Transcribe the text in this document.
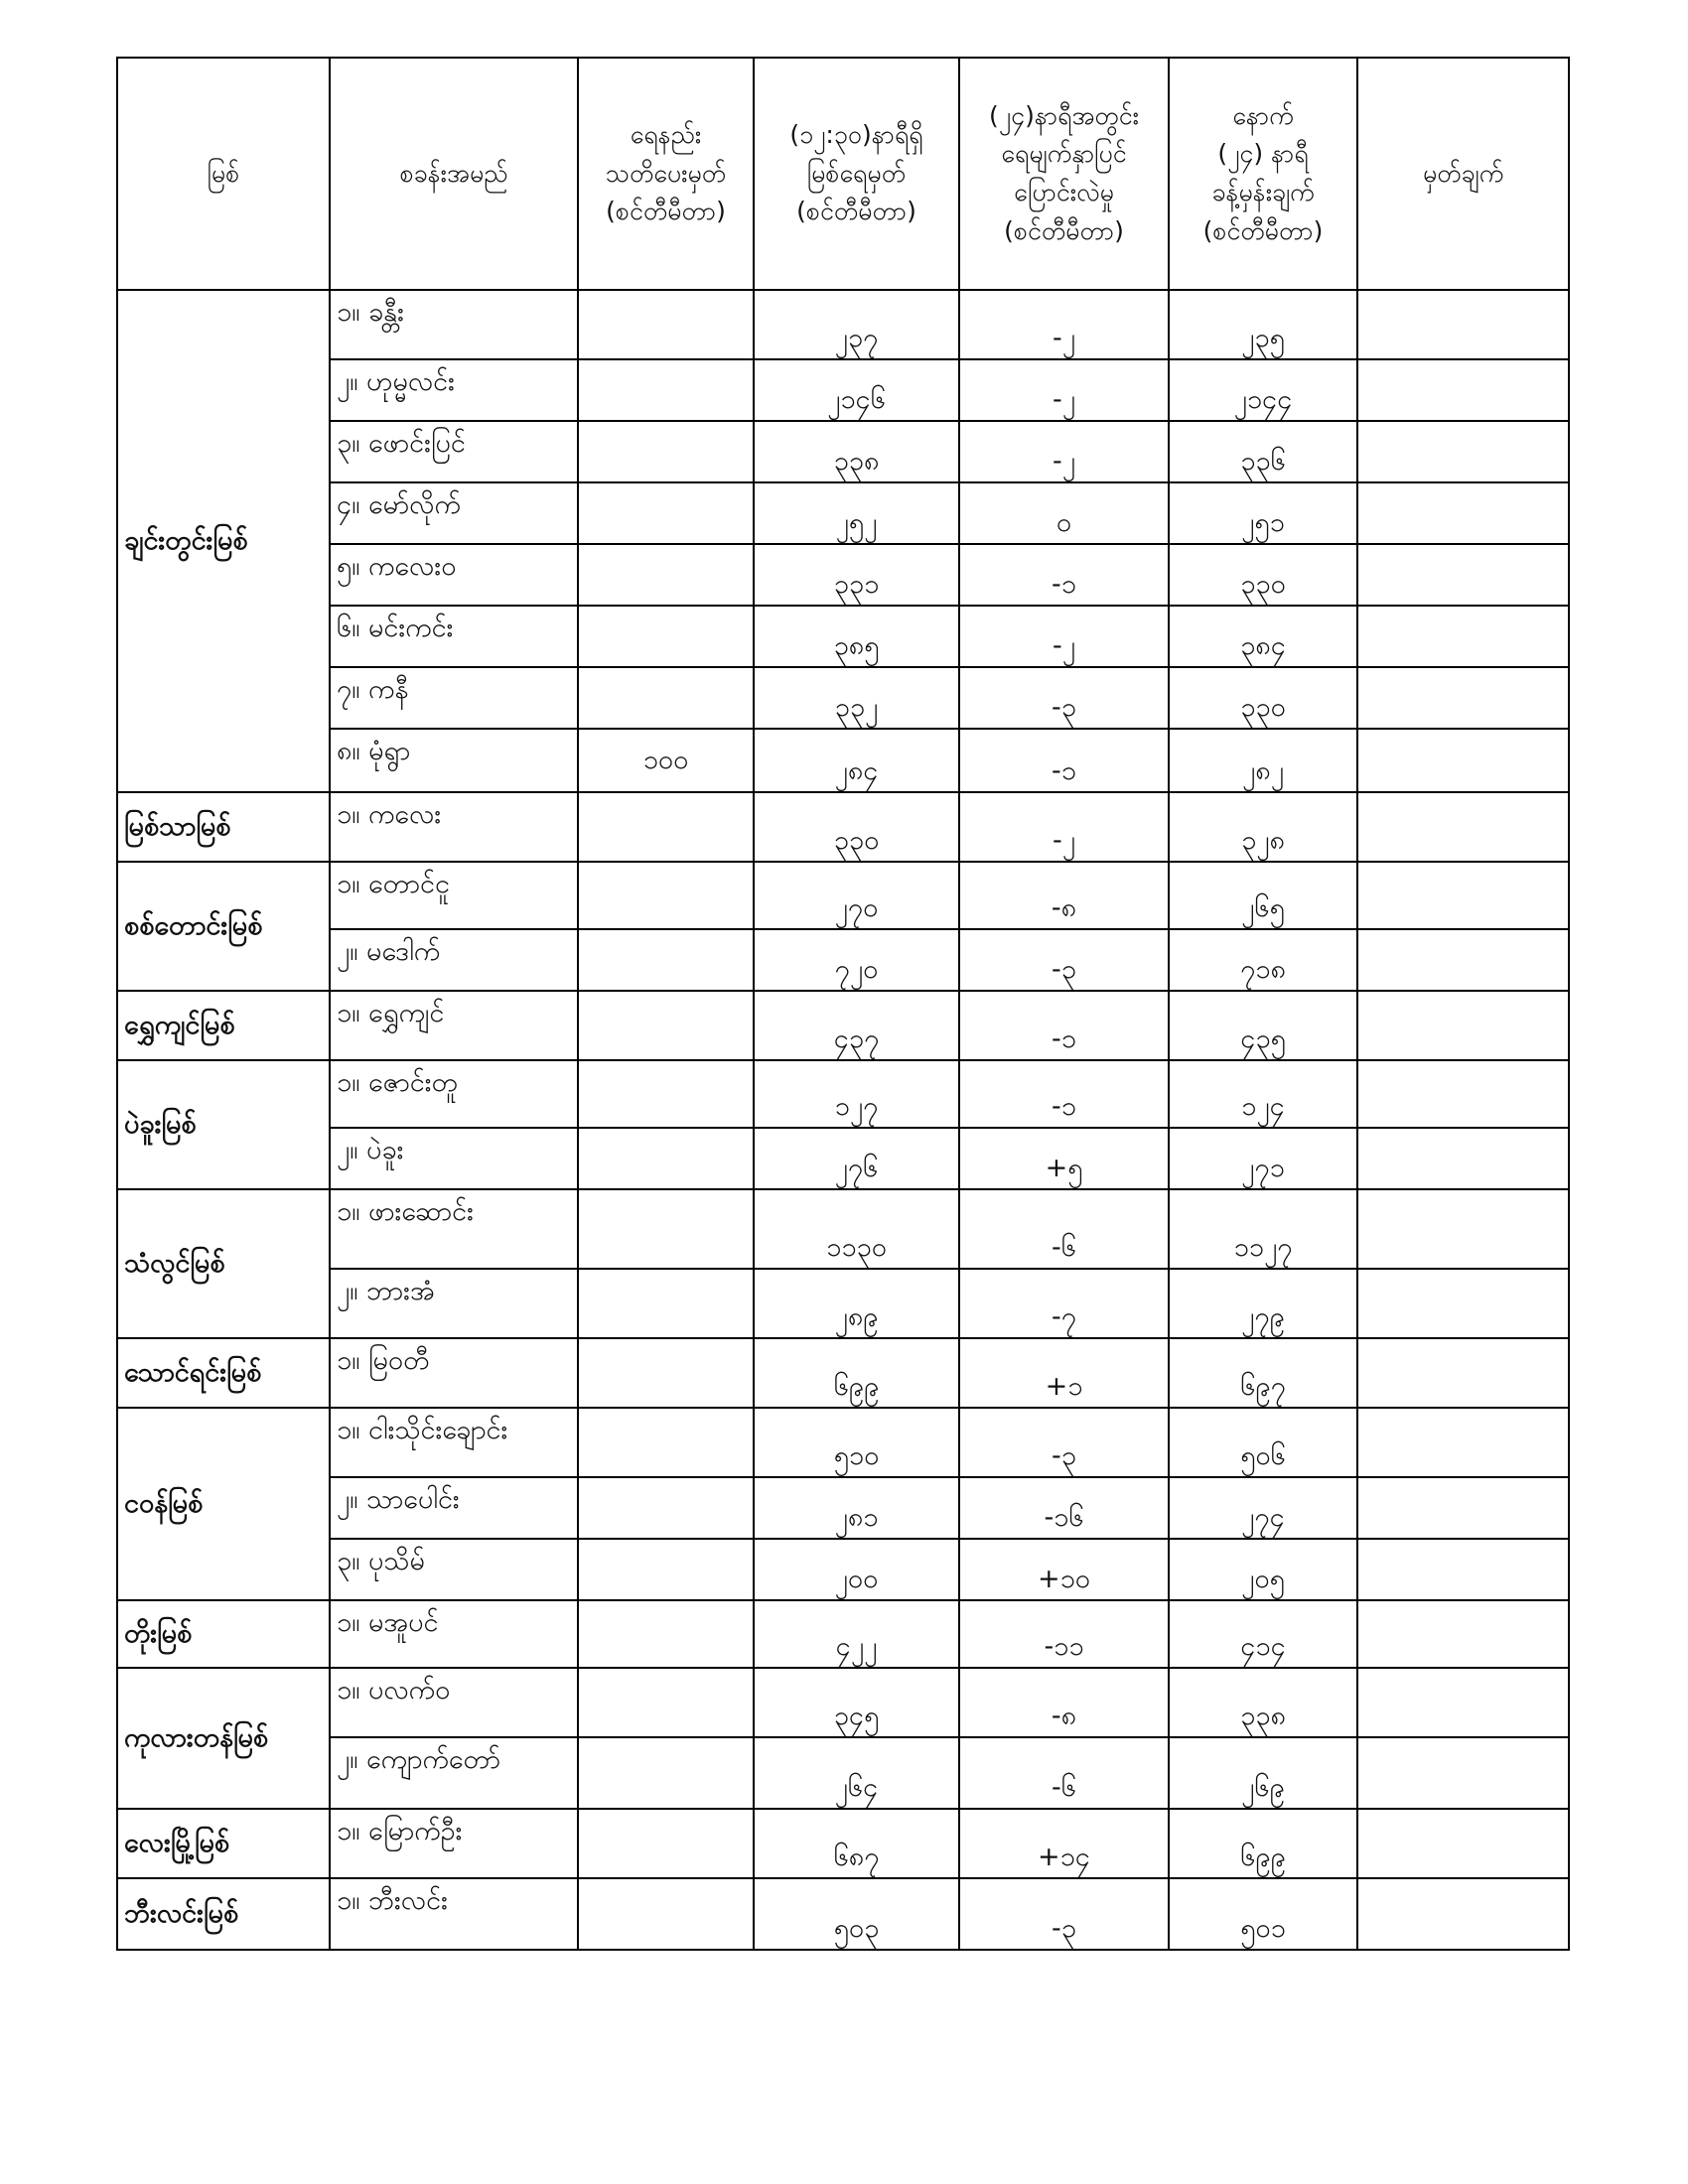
မြစ်	စခန်းအမည်	ရေနည်း
သတိပေးမှတ်
(စင်တီမီတာ)	(၁၂:၃၀)နာရီရှိ
မြစ်ရေမှတ်
(စင်တီမီတာ)	(၂၄)နာရီအတွင်း
ရေမျက်နှာပြင်
ပြောင်းလဲမှု
(စင်တီမီတာ)	နောက်
(၂၄) နာရီ
ခန့်မှန်းချက်
(စင်တီမီတာ)	မှတ်ချက်
ချင်းတွင်းမြစ်	၁။ ခန္တီး		၂၃၇	-၂	၂၃၅	
	၂။ ဟုမ္မလင်း		၂၁၄၆	-၂	၂၁၄၄	
	၃။ ဖောင်းပြင်		၃၃၈	-၂	၃၃၆	
	၄။ မော်လိုက်		၂၅၂	၀	၂၅၁	
	၅။ ကလေးဝ		၃၃၁	-၁	၃၃၀	
	၆။ မင်းကင်း		၃၈၅	-၂	၃၈၄	
	၇။ ကနီ		၃၃၂	-၃	၃၃၀	
	၈။ မုံရွာ	၁၀၀	၂၈၄	-၁	၂၈၂	
မြစ်သာမြစ်	၁။ ကလေး		၃၃၀	-၂	၃၂၈	
စစ်တောင်းမြစ်	၁။ တောင်ငူ		၂၇၀	-၈	၂၆၅	
	၂။ မဒေါက်		၇၂၀	-၃	၇၁၈	
ရွှေကျင်မြစ်	၁။ ရွှေကျင်		၄၃၇	-၁	၄၃၅	
ပဲခူးမြစ်	၁။ ဇောင်းတူ		၁၂၇	-၁	၁၂၄	
	၂။ ပဲခူး		၂၇၆	+၅	၂၇၁	
သံလွင်မြစ်	၁။ ဖားဆောင်း		၁၁၃၀	-၆	၁၁၂၇	
	၂။ ဘားအံ		၂၈၉	-၇	၂၇၉	
သောင်ရင်းမြစ်	၁။ မြဝတီ		၆၉၉	+၁	၆၉၇	
ငဝန်မြစ်	၁။ ငါးသိုင်းချောင်း		၅၁၀	-၃	၅၀၆	
	၂။ သာပေါင်း		၂၈၁	-၁၆	၂၇၄	
	၃။ ပုသိမ်		၂၀၀	+၁၀	၂၀၅	
တိုးမြစ်	၁။ မအူပင်		၄၂၂	-၁၁	၄၁၄	
ကုလားတန်မြစ်	၁။ ပလက်ဝ		၃၄၅	-၈	၃၃၈	
	၂။ ကျောက်တော်		၂၆၄	-၆	၂၆၉	
လေးမြို့မြစ်	၁။ မြောက်ဦး		၆၈၇	+၁၄	၆၉၉	
ဘီးလင်းမြစ်	၁။ ဘီးလင်း		၅၀၃	-၃	၅၀၁	
